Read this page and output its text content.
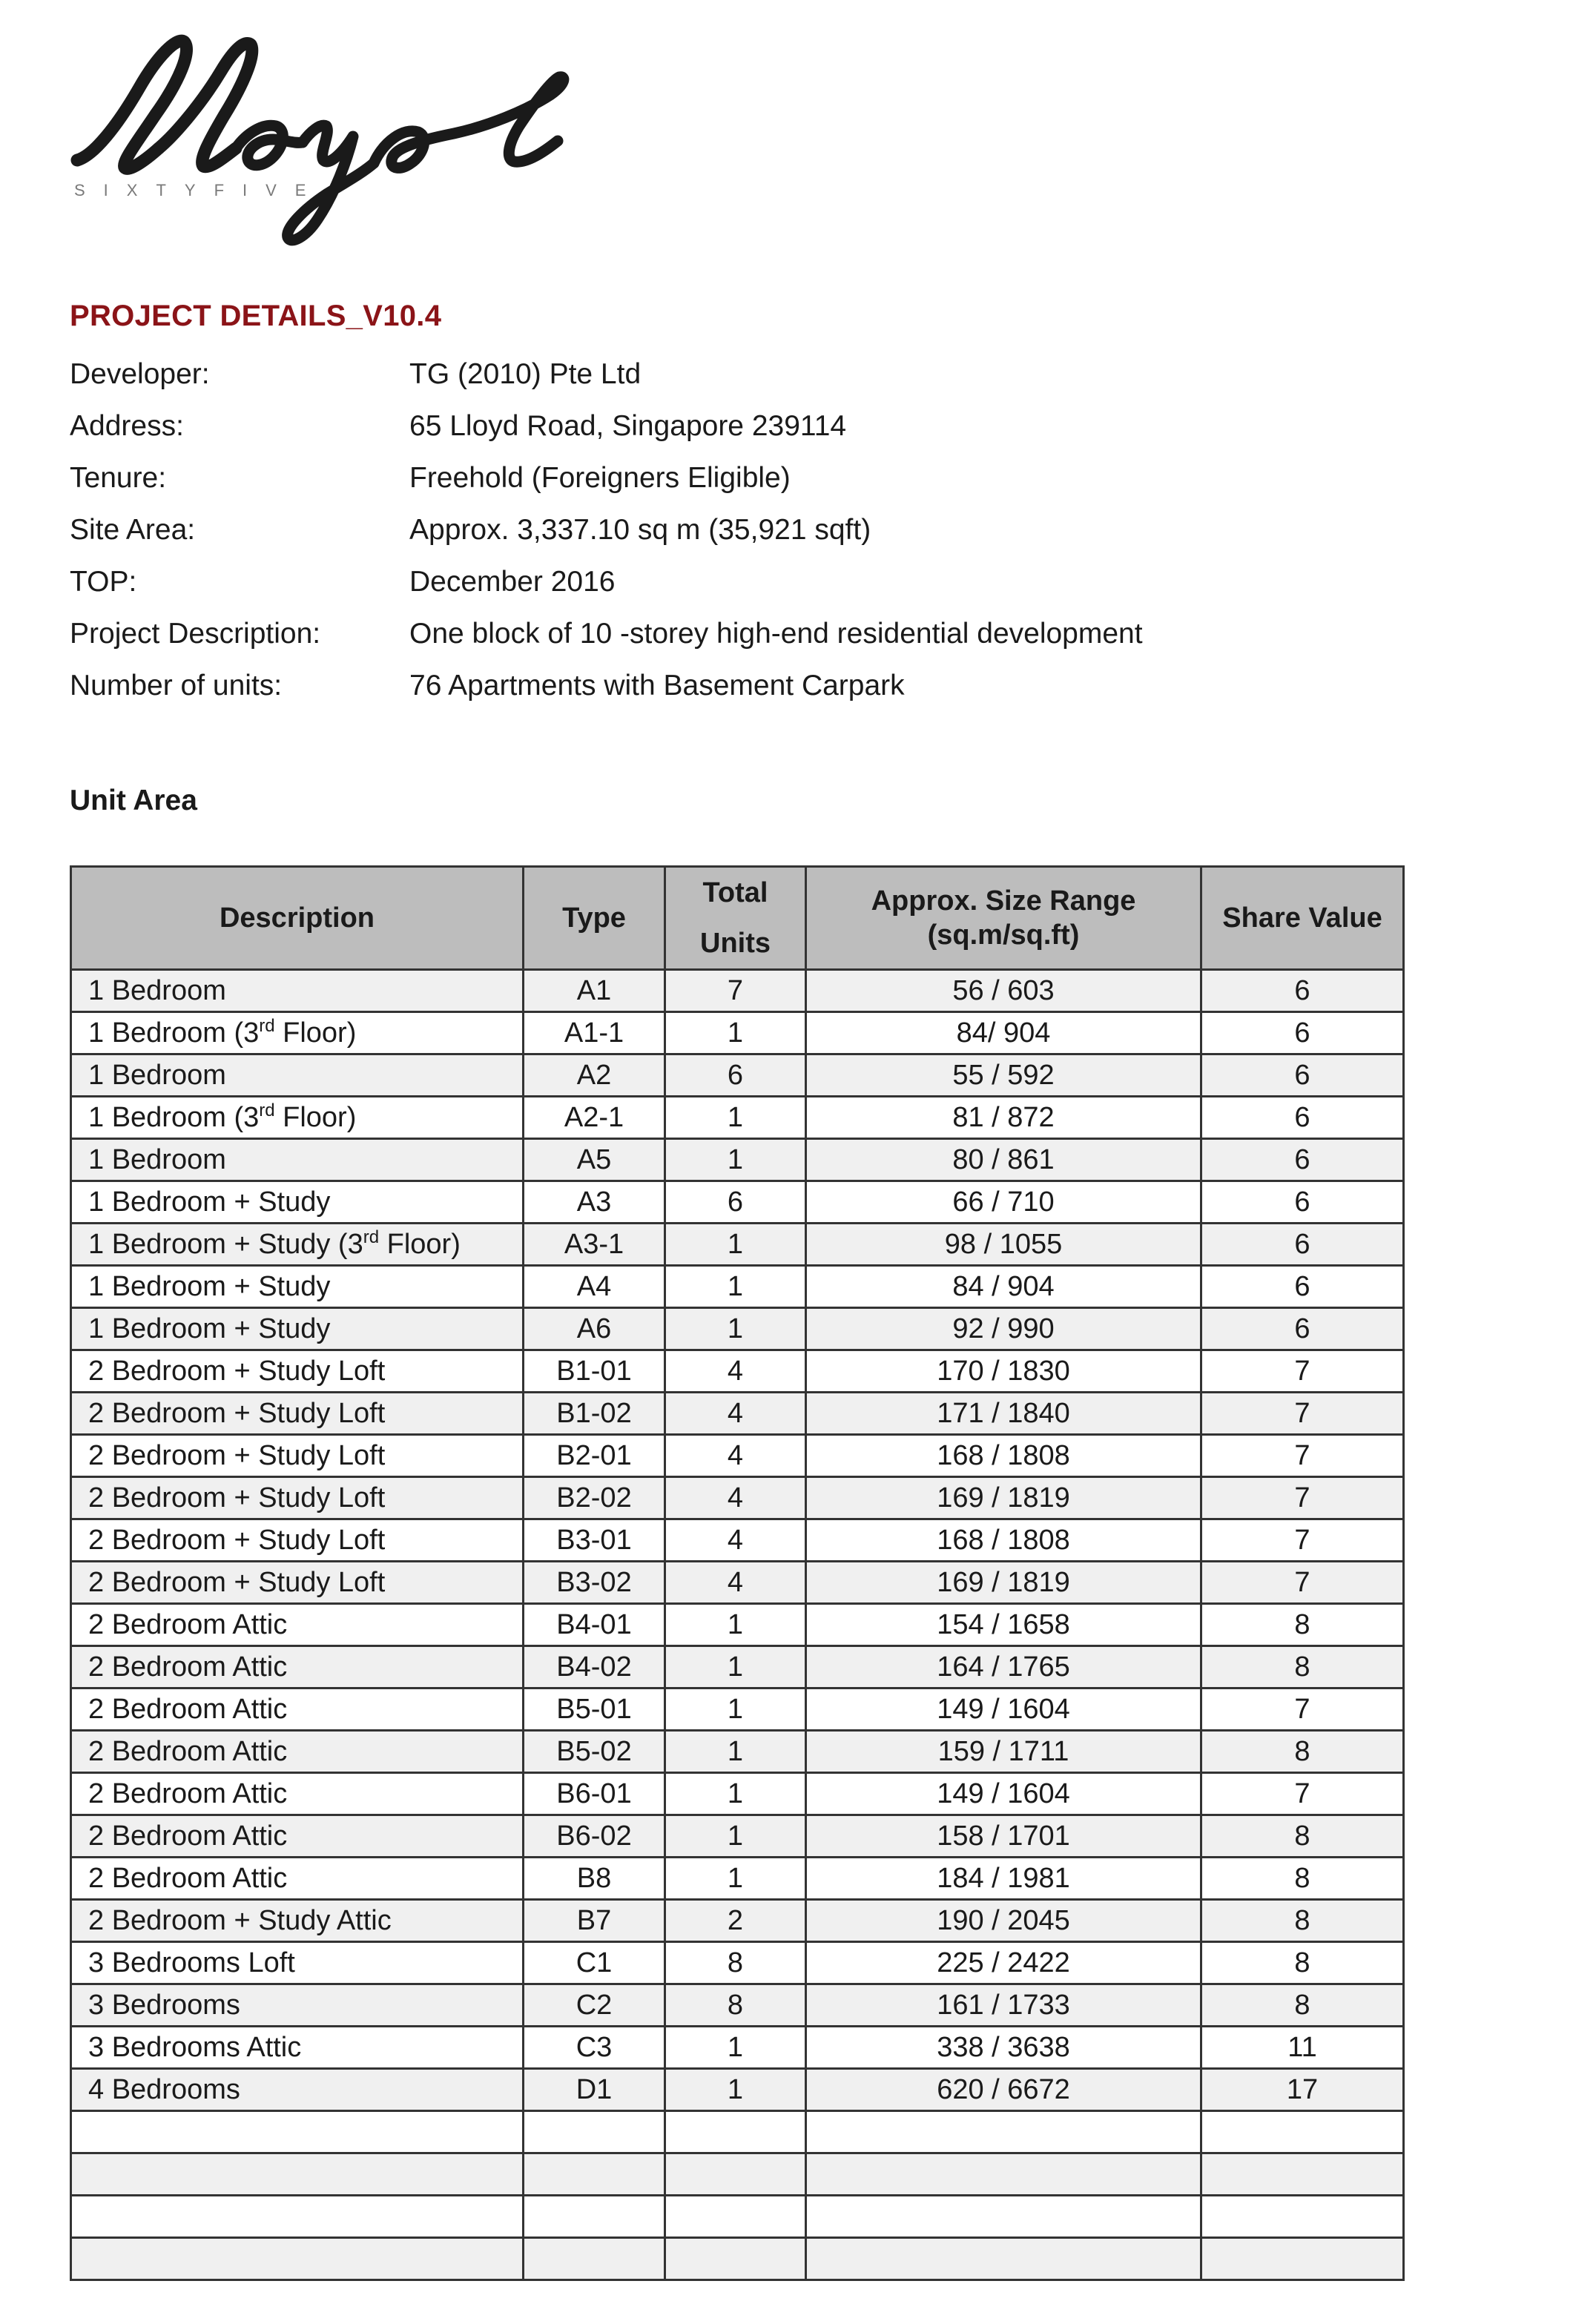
SIXTYFIVE
PROJECT DETAILS_V10.4
Developer:	TG (2010) Pte Ltd
Address:	65 Lloyd Road, Singapore 239114
Tenure:	Freehold (Foreigners Eligible)
Site Area:	Approx. 3,337.10 sq m (35,921 sqft)
TOP:	December 2016
Project Description:	One block of 10 -storey high-end residential development
Number of units:	76 Apartments with Basement Carpark
Unit Area
Description	Type	Total Units	Approx. Size Range (sq.m/sq.ft)	Share Value
1 Bedroom	A1	7	56 / 603	6
1 Bedroom (3rd Floor)	A1-1	1	84/ 904	6
1 Bedroom	A2	6	55 / 592	6
1 Bedroom (3rd Floor)	A2-1	1	81 / 872	6
1 Bedroom	A5	1	80 / 861	6
1 Bedroom + Study	A3	6	66 / 710	6
1 Bedroom + Study (3rd Floor)	A3-1	1	98 / 1055	6
1 Bedroom + Study	A4	1	84 / 904	6
1 Bedroom + Study	A6	1	92 / 990	6
2 Bedroom + Study Loft	B1-01	4	170 / 1830	7
2 Bedroom + Study Loft	B1-02	4	171 / 1840	7
2 Bedroom + Study Loft	B2-01	4	168 / 1808	7
2 Bedroom + Study Loft	B2-02	4	169 / 1819	7
2 Bedroom + Study Loft	B3-01	4	168 / 1808	7
2 Bedroom + Study Loft	B3-02	4	169 / 1819	7
2 Bedroom Attic	B4-01	1	154 / 1658	8
2 Bedroom Attic	B4-02	1	164 / 1765	8
2 Bedroom Attic	B5-01	1	149 / 1604	7
2 Bedroom Attic	B5-02	1	159 / 1711	8
2 Bedroom Attic	B6-01	1	149 / 1604	7
2 Bedroom Attic	B6-02	1	158 / 1701	8
2 Bedroom Attic	B8	1	184 / 1981	8
2 Bedroom + Study Attic	B7	2	190 / 2045	8
3 Bedrooms Loft	C1	8	225 / 2422	8
3 Bedrooms	C2	8	161 / 1733	8
3 Bedrooms Attic	C3	1	338 / 3638	11
4 Bedrooms	D1	1	620 / 6672	17
